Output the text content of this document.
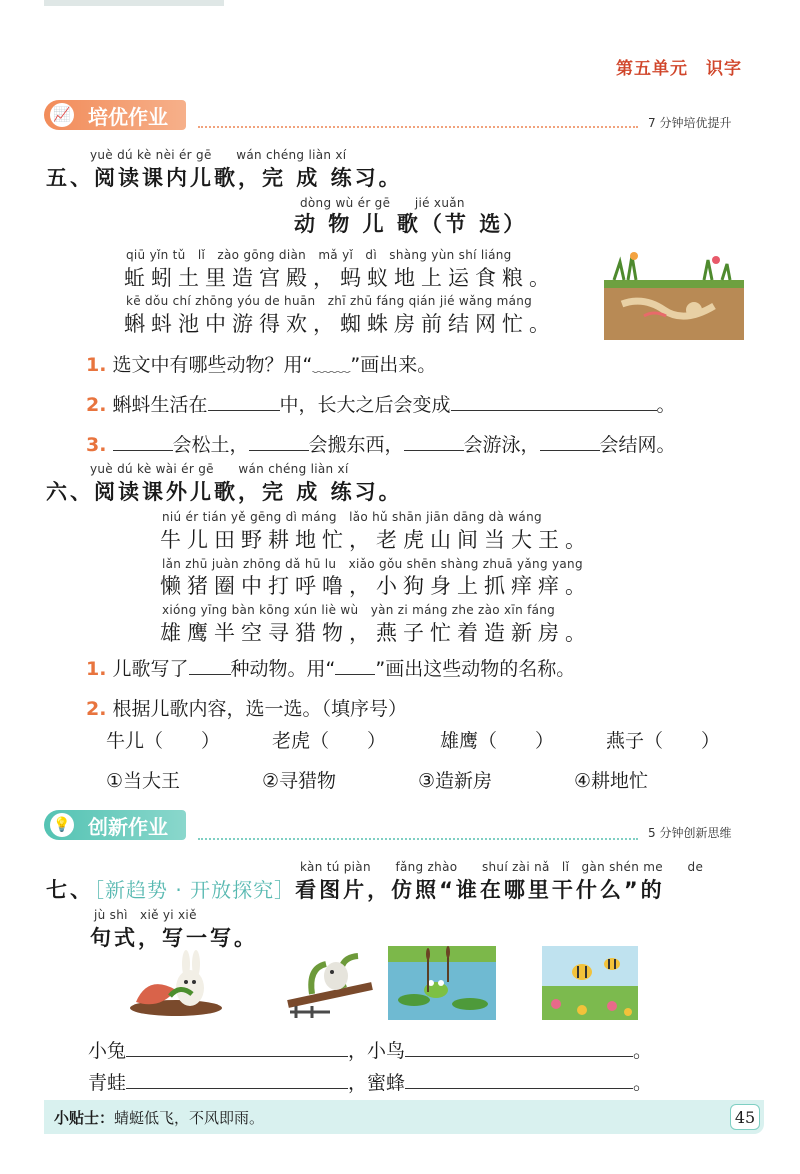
第五单元　识字
📈 培优作业	7 分钟培优提升
yuè dú kè nèi ér gē　　wán chéng liàn xí
五、阅读课内儿歌，完 成 练习。
dòng wù ér gē　　jié xuǎn
动 物 儿 歌（节 选）
qiū yǐn tǔ　lǐ　zào gōng diàn　mǎ yǐ　dì　shàng yùn shí liáng
蚯蚓土里造宫殿，蚂蚁地上运食粮。
kē dǒu chí zhōng yóu de huān　zhī zhū fáng qián jié wǎng máng
蝌蚪池中游得欢，蜘蛛房前结网忙。
1. 选文中有哪些动物？用“﹏﹏”画出来。
2. 蝌蚪生活在	中，长大之后会变成	。
3.	会松土，	会搬东西，	会游泳，	会结网。
yuè dú kè wài ér gē　　wán chéng liàn xí
六、阅读课外儿歌，完 成 练习。
niú ér tián yě gēng dì máng　lǎo hǔ shān jiān dāng dà wáng
牛儿田野耕地忙，老虎山间当大王。
lǎn zhū juàn zhōng dǎ hū lu　xiǎo gǒu shēn shàng zhuā yǎng yang
懒猪圈中打呼噜，小狗身上抓痒痒。
xióng yīng bàn kōng xún liè wù　yàn zi máng zhe zào xīn fáng
雄鹰半空寻猎物，燕子忙着造新房。
1. 儿歌写了 种动物。用“ ”画出这些动物的名称。
2. 根据儿歌内容，选一选。（填序号）
牛儿（　　）	老虎（　　）	雄鹰（　　）	燕子（　　）
①当大王	②寻猎物	③造新房	④耕地忙
💡 创新作业	5 分钟创新思维
kàn tú piàn　　fǎng zhào　　shuí zài nǎ　lǐ　gàn shén me　　de
七、［新趋势 · 开放探究］看图片，仿照“谁在哪里干什么”的
jù shì　xiě yi xiě
句式，写一写。
小兔	，小鸟	。
青蛙	，蜜蜂	。
小贴士： 蜻蜓低飞，不风即雨。	45
